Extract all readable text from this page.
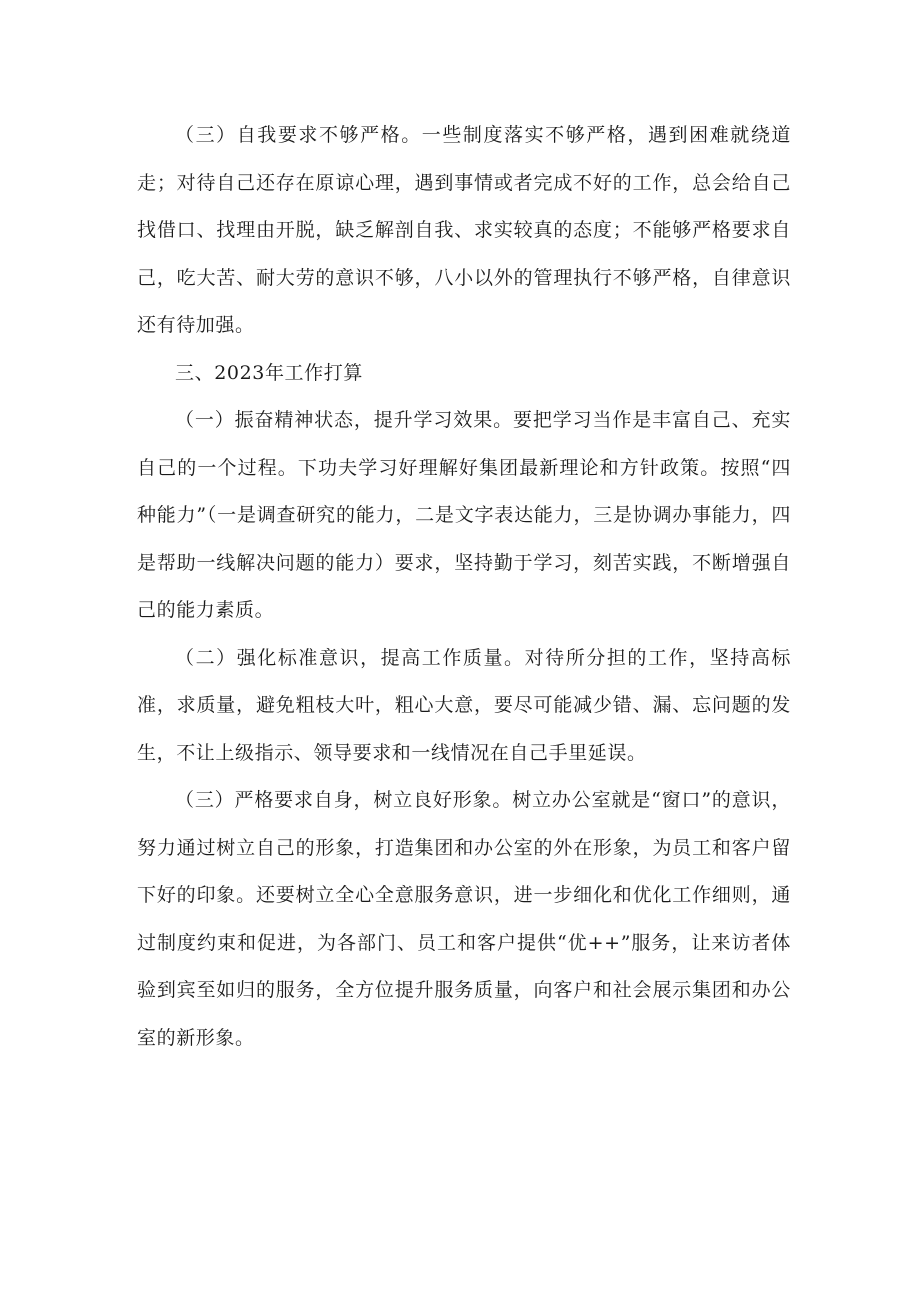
（三）自我要求不够严格。一些制度落实不够严格，遇到困难就绕道走；对待自己还存在原谅心理，遇到事情或者完成不好的工作，总会给自己找借口、找理由开脱，缺乏解剖自我、求实较真的态度；不能够严格要求自己，吃大苦、耐大劳的意识不够，八小以外的管理执行不够严格，自律意识还有待加强。

三、2023年工作打算

（一）振奋精神状态，提升学习效果。要把学习当作是丰富自己、充实自己的一个过程。下功夫学习好理解好集团最新理论和方针政策。按照“四种能力”（一是调查研究的能力，二是文字表达能力，三是协调办事能力，四是帮助一线解决问题的能力）要求，坚持勤于学习，刻苦实践，不断增强自己的能力素质。

（二）强化标准意识，提高工作质量。对待所分担的工作，坚持高标准，求质量，避免粗枝大叶，粗心大意，要尽可能减少错、漏、忘问题的发生，不让上级指示、领导要求和一线情况在自己手里延误。

（三）严格要求自身，树立良好形象。树立办公室就是“窗口”的意识，努力通过树立自己的形象，打造集团和办公室的外在形象，为员工和客户留下好的印象。还要树立全心全意服务意识，进一步细化和优化工作细则，通过制度约束和促进，为各部门、员工和客户提供“优++”服务，让来访者体验到宾至如归的服务，全方位提升服务质量，向客户和社会展示集团和办公室的新形象。
